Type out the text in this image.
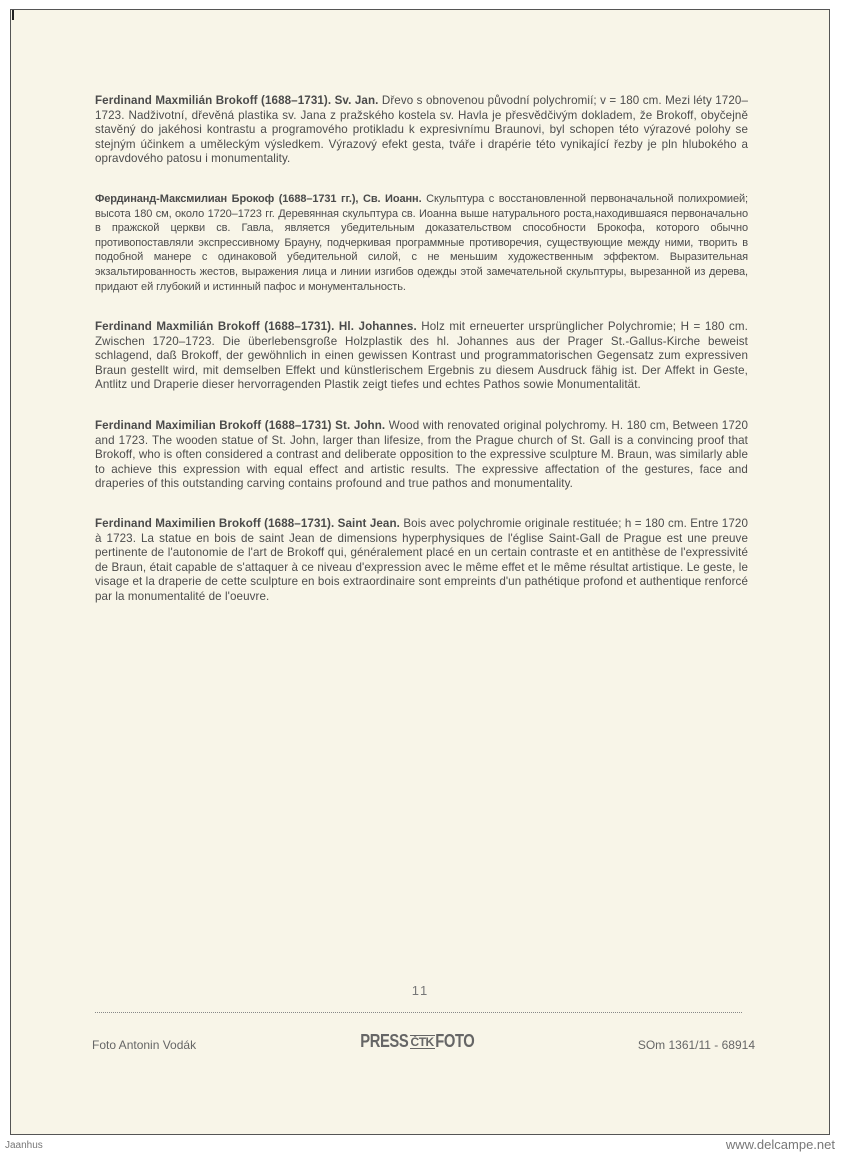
Ferdinand Maxmilián Brokoff (1688–1731). Sv. Jan. Dřevo s obnovenou původní polychromií; v = 180 cm. Mezi léty 1720–1723. Nadživotní, dřevěná plastika sv. Jana z pražského kostela sv. Havla je přesvědčivým dokladem, že Brokoff, obyčejně stavěný do jakéhosi kontrastu a programového protikladu k expresivnímu Braunovi, byl schopen této výrazové polohy se stejným účinkem a uměleckým výsledkem. Výrazový efekt gesta, tváře i drapérie této vynikající řezby je pln hlubokého a opravdového patosu i monumentality.
Фердинанд-Максмилиан Брокоф (1688–1731 гг.), Св. Иоанн. Скульптура с восстановленной первоначальной полихромией; высота 180 см, около 1720–1723 гг. Деревянная скульптура св. Иоанна выше натурального роста,находившаяся первоначально в пражской церкви св. Гавла, является убедительным доказательством способности Брокофа, которого обычно противопоставляли экспрессивному Брауну, подчеркивая программные противоречия, существующие между ними, творить в подобной манере с одинаковой убедительной силой, с не меньшим художественным эффектом. Выразительная экзальтированность жестов, выражения лица и линии изгибов одежды этой замечательной скульптуры, вырезанной из дерева, придают ей глубокий и истинный пафос и монументальность.
Ferdinand Maxmilián Brokoff (1688–1731). Hl. Johannes. Holz mit erneuerter ursprünglicher Polychromie; H = 180 cm. Zwischen 1720–1723. Die überlebensgroße Holzplastik des hl. Johannes aus der Prager St.-Gallus-Kirche beweist schlagend, daß Brokoff, der gewöhnlich in einen gewissen Kontrast und programmatorischen Gegensatz zum expressiven Braun gestellt wird, mit demselben Effekt und künstlerischem Ergebnis zu diesem Ausdruck fähig ist. Der Affekt in Geste, Antlitz und Draperie dieser hervorragenden Plastik zeigt tiefes und echtes Pathos sowie Monumentalität.
Ferdinand Maximilian Brokoff (1688–1731) St. John. Wood with renovated original polychromy. H. 180 cm, Between 1720 and 1723. The wooden statue of St. John, larger than lifesize, from the Prague church of St. Gall is a convincing proof that Brokoff, who is often considered a contrast and deliberate opposition to the expressive sculpture M. Braun, was similarly able to achieve this expression with equal effect and artistic results. The expressive affectation of the gestures, face and draperies of this outstanding carving contains profound and true pathos and monumentality.
Ferdinand Maximilien Brokoff (1688–1731). Saint Jean. Bois avec polychromie originale restituée; h = 180 cm. Entre 1720 à 1723. La statue en bois de saint Jean de dimensions hyperphysiques de l'église Saint-Gall de Prague est une preuve pertinente de l'autonomie de l'art de Brokoff qui, généralement placé en un certain contraste et en antithèse de l'expressivité de Braun, était capable de s'attaquer à ce niveau d'expression avec le même effet et le même résultat artistique. Le geste, le visage et la draperie de cette sculpture en bois extraordinaire sont empreints d'un pathétique profond et authentique renforcé par la monumentalité de l'oeuvre.
11
Foto Antonin Vodák	PRESS ČTK FOTO	SOm 1361/11 - 68914
Jaanhus	www.delcampe.net
